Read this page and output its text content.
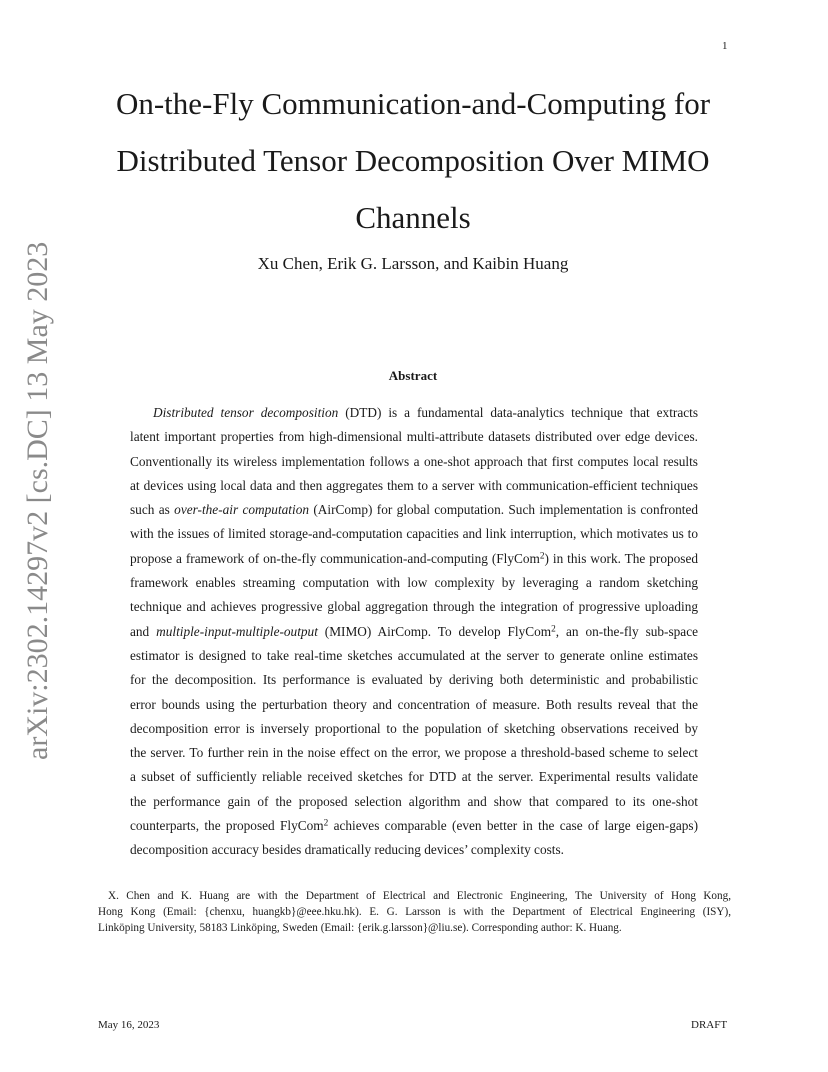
1
arXiv:2302.14297v2 [cs.DC] 13 May 2023
On-the-Fly Communication-and-Computing for
Distributed Tensor Decomposition Over MIMO
Channels
Xu Chen, Erik G. Larsson, and Kaibin Huang
Abstract
Distributed tensor decomposition (DTD) is a fundamental data-analytics technique that extracts
latent important properties from high-dimensional multi-attribute datasets distributed over edge devices.
Conventionally its wireless implementation follows a one-shot approach that first computes local results
at devices using local data and then aggregates them to a server with communication-efficient techniques
such as over-the-air computation (AirComp) for global computation. Such implementation is confronted
with the issues of limited storage-and-computation capacities and link interruption, which motivates us to
propose a framework of on-the-fly communication-and-computing (FlyCom$^2$) in this work. The proposed
framework enables streaming computation with low complexity by leveraging a random sketching
technique and achieves progressive global aggregation through the integration of progressive uploading
and multiple-input-multiple-output (MIMO) AirComp. To develop FlyCom$^2$, an on-the-fly sub-space
estimator is designed to take real-time sketches accumulated at the server to generate online estimates
for the decomposition. Its performance is evaluated by deriving both deterministic and probabilistic
error bounds using the perturbation theory and concentration of measure. Both results reveal that the
decomposition error is inversely proportional to the population of sketching observations received by
the server. To further rein in the noise effect on the error, we propose a threshold-based scheme to select
a subset of sufficiently reliable received sketches for DTD at the server. Experimental results validate
the performance gain of the proposed selection algorithm and show that compared to its one-shot
counterparts, the proposed FlyCom$^2$ achieves comparable (even better in the case of large eigen-gaps)
decomposition accuracy besides dramatically reducing devices’ complexity costs.
X. Chen and K. Huang are with the Department of Electrical and Electronic Engineering, The University of Hong Kong,
Hong Kong (Email: {chenxu, huangkb}@eee.hku.hk). E. G. Larsson is with the Department of Electrical Engineering (ISY),
Linköping University, 58183 Linköping, Sweden (Email: {erik.g.larsson}@liu.se). Corresponding author: K. Huang.
May 16, 2023	DRAFT
